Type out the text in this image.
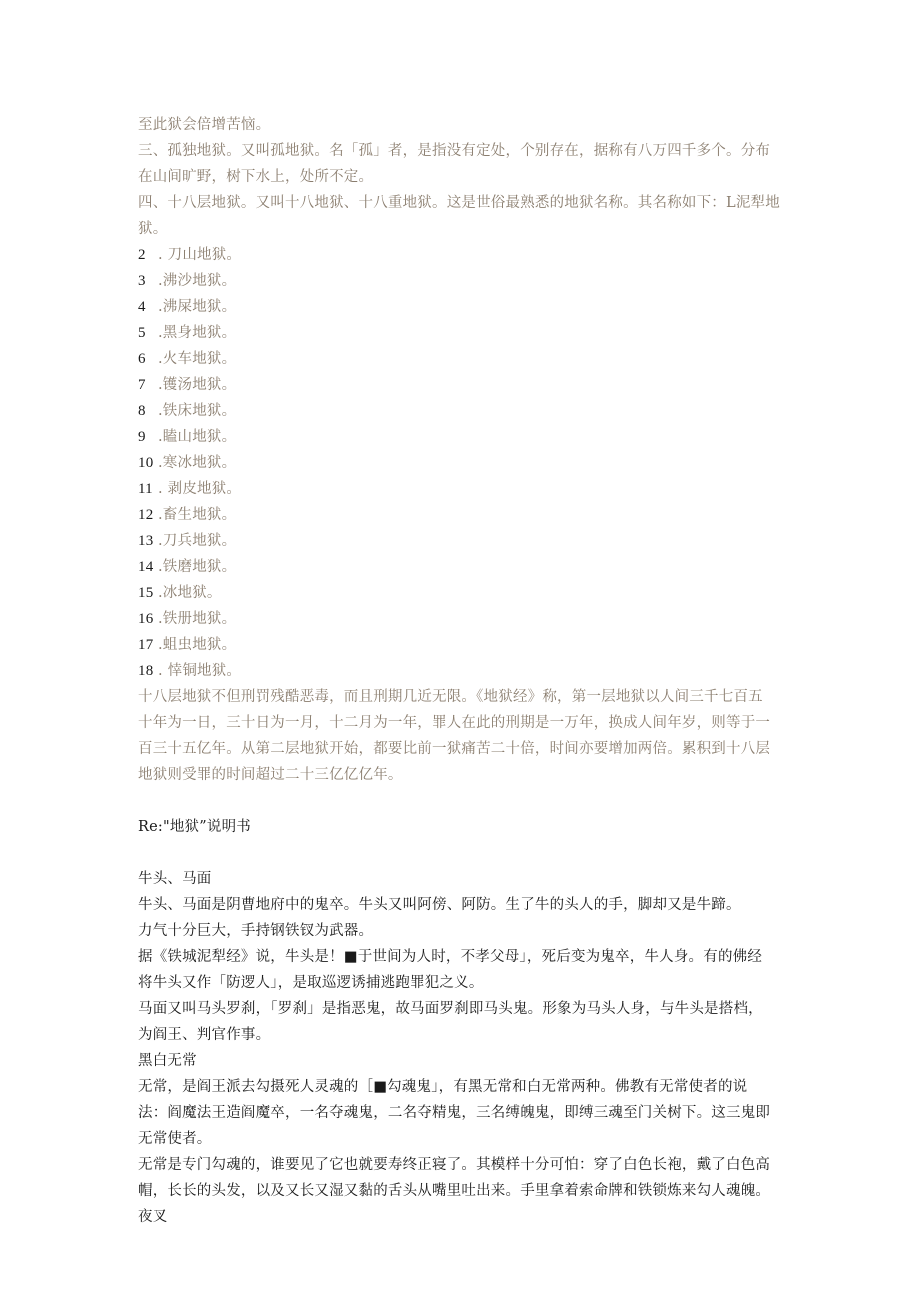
至此狱会倍增苦恼。
三、孤独地狱。又叫孤地狱。名「孤」者，是指没有定处，个别存在，据称有八万四千多个。分布
在山间旷野，树下水上，处所不定。
四、十八层地狱。又叫十八地狱、十八重地狱。这是世俗最熟悉的地狱名称。其名称如下：L泥犁地
狱。
2 . 刀山地狱。
3 .沸沙地狱。
4 .沸屎地狱。
5 .黑身地狱。
6 .火车地狱。
7 .镬汤地狱。
8 .铁床地狱。
9 .瞌山地狱。
10 .寒冰地狱。
11 . 剥皮地狱。
12 .畜生地狱。
13 .刀兵地狱。
14 .铁磨地狱。
15 .冰地狱。
16 .铁册地狱。
17 .蛆虫地狱。
18 . 悻铜地狱。
十八层地狱不但刑罚残酷恶毒，而且刑期几近无限。《地狱经》称，第一层地狱以人间三千七百五
十年为一日，三十日为一月，十二月为一年，罪人在此的刑期是一万年，换成人间年岁，则等于一
百三十五亿年。从第二层地狱开始，都要比前一狱痛苦二十倍，时间亦要增加两倍。累积到十八层
地狱则受罪的时间超过二十三亿亿亿年。
Re:"地狱”说明书
牛头、马面
牛头、马面是阴曹地府中的鬼卒。牛头又叫阿傍、阿防。生了牛的头人的手，脚却又是牛蹄。
力气十分巨大，手持钢铁钗为武器。
据《铁城泥犁经》说，牛头是！■于世间为人时，不孝父母」，死后变为鬼卒，牛人身。有的佛经
将牛头又作「防逻人」，是取巡逻诱捕逃跑罪犯之义。
马面又叫马头罗刹，「罗刹」是指恶鬼，故马面罗刹即马头鬼。形象为马头人身，与牛头是搭档，
为阎王、判官作事。
黑白无常
无常，是阎王派去勾摄死人灵魂的［■勾魂鬼」，有黑无常和白无常两种。佛教有无常使者的说
法：阎魔法王造阎魔卒，一名夺魂鬼，二名夺精鬼，三名缚魄鬼，即缚三魂至门关树下。这三鬼即
无常使者。
无常是专门勾魂的，谁要见了它也就要寿终正寝了。其模样十分可怕：穿了白色长袍，戴了白色高
帽，长长的头发，以及又长又湿又黏的舌头从嘴里吐出来。手里拿着索命牌和铁锁炼来勾人魂魄。
夜叉
